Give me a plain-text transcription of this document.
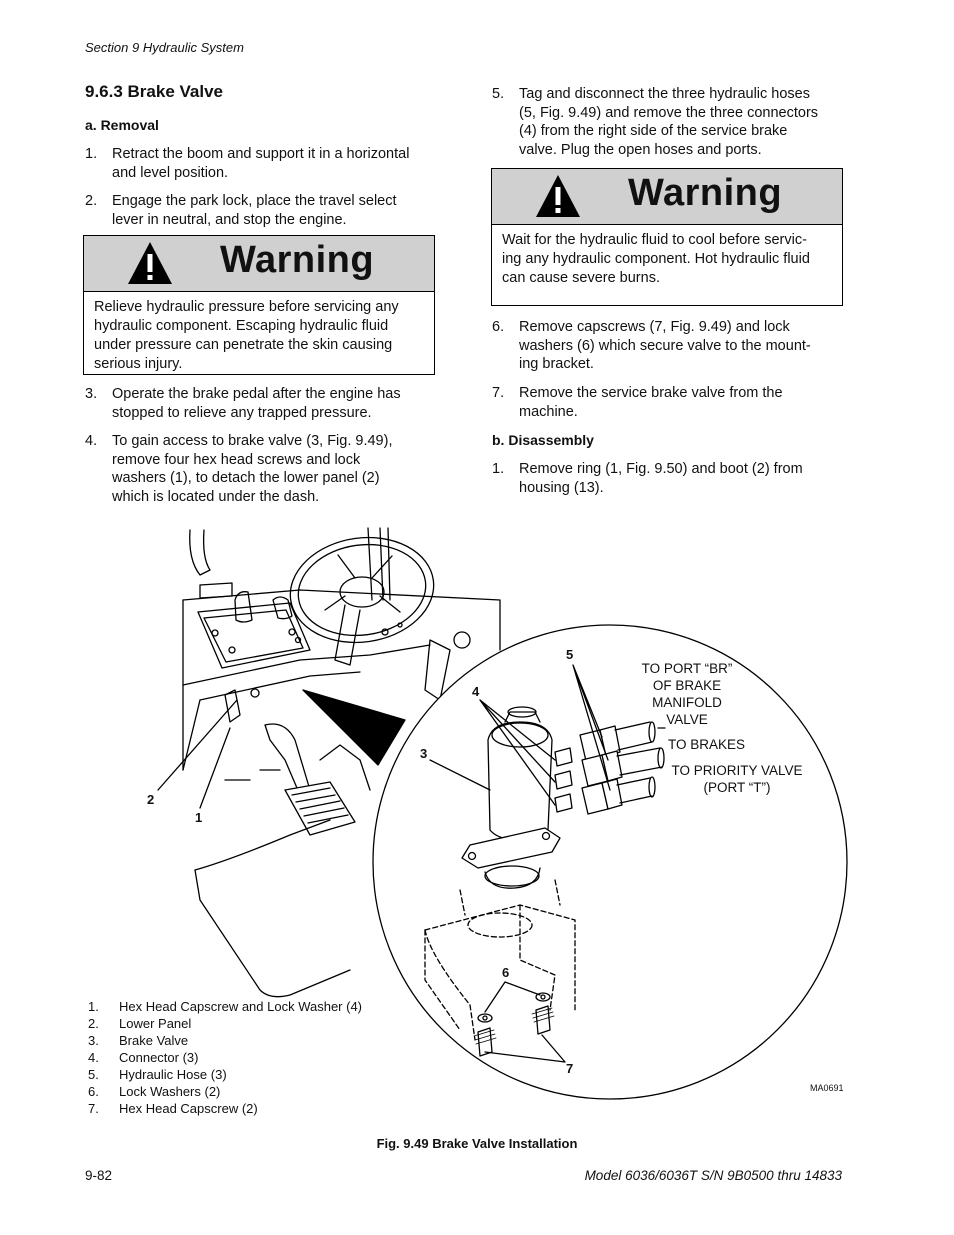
Section 9 Hydraulic System
9.6.3 Brake Valve
a. Removal
1. Retract the boom and support it in a horizontal
and level position.
2. Engage the park lock, place the travel select
lever in neutral, and stop the engine.
Warning
Relieve hydraulic pressure before servicing any
hydraulic component. Escaping hydraulic fluid
under pressure can penetrate the skin causing
serious injury.
3. Operate the brake pedal after the engine has
stopped to relieve any trapped pressure.
4. To gain access to brake valve (3, Fig. 9.49),
remove four hex head screws and lock
washers (1), to detach the lower panel (2)
which is located under the dash.
5. Tag and disconnect the three hydraulic hoses
(5, Fig. 9.49) and remove the three connectors
(4) from the right side of the service brake
valve. Plug the open hoses and ports.
Warning
Wait for the hydraulic fluid to cool before servic-
ing any hydraulic component. Hot hydraulic fluid
can cause severe burns.
6. Remove capscrews (7, Fig. 9.49) and lock
washers (6) which secure valve to the mount-
ing bracket.
7. Remove the service brake valve from the
machine.
b. Disassembly
1. Remove ring (1, Fig. 9.50) and boot (2) from
housing (13).
2
1
3
4
5
6
7
TO PORT “BR”
OF BRAKE
MANIFOLD
VALVE
TO BRAKES
TO PRIORITY VALVE
(PORT “T”)
MA0691
1. Hex Head Capscrew and Lock Washer (4)
2. Lower Panel
3. Brake Valve
4. Connector (3)
5. Hydraulic Hose (3)
6. Lock Washers (2)
7. Hex Head Capscrew (2)
Fig. 9.49 Brake Valve Installation
9-82	Model 6036/6036T S/N 9B0500 thru 14833
